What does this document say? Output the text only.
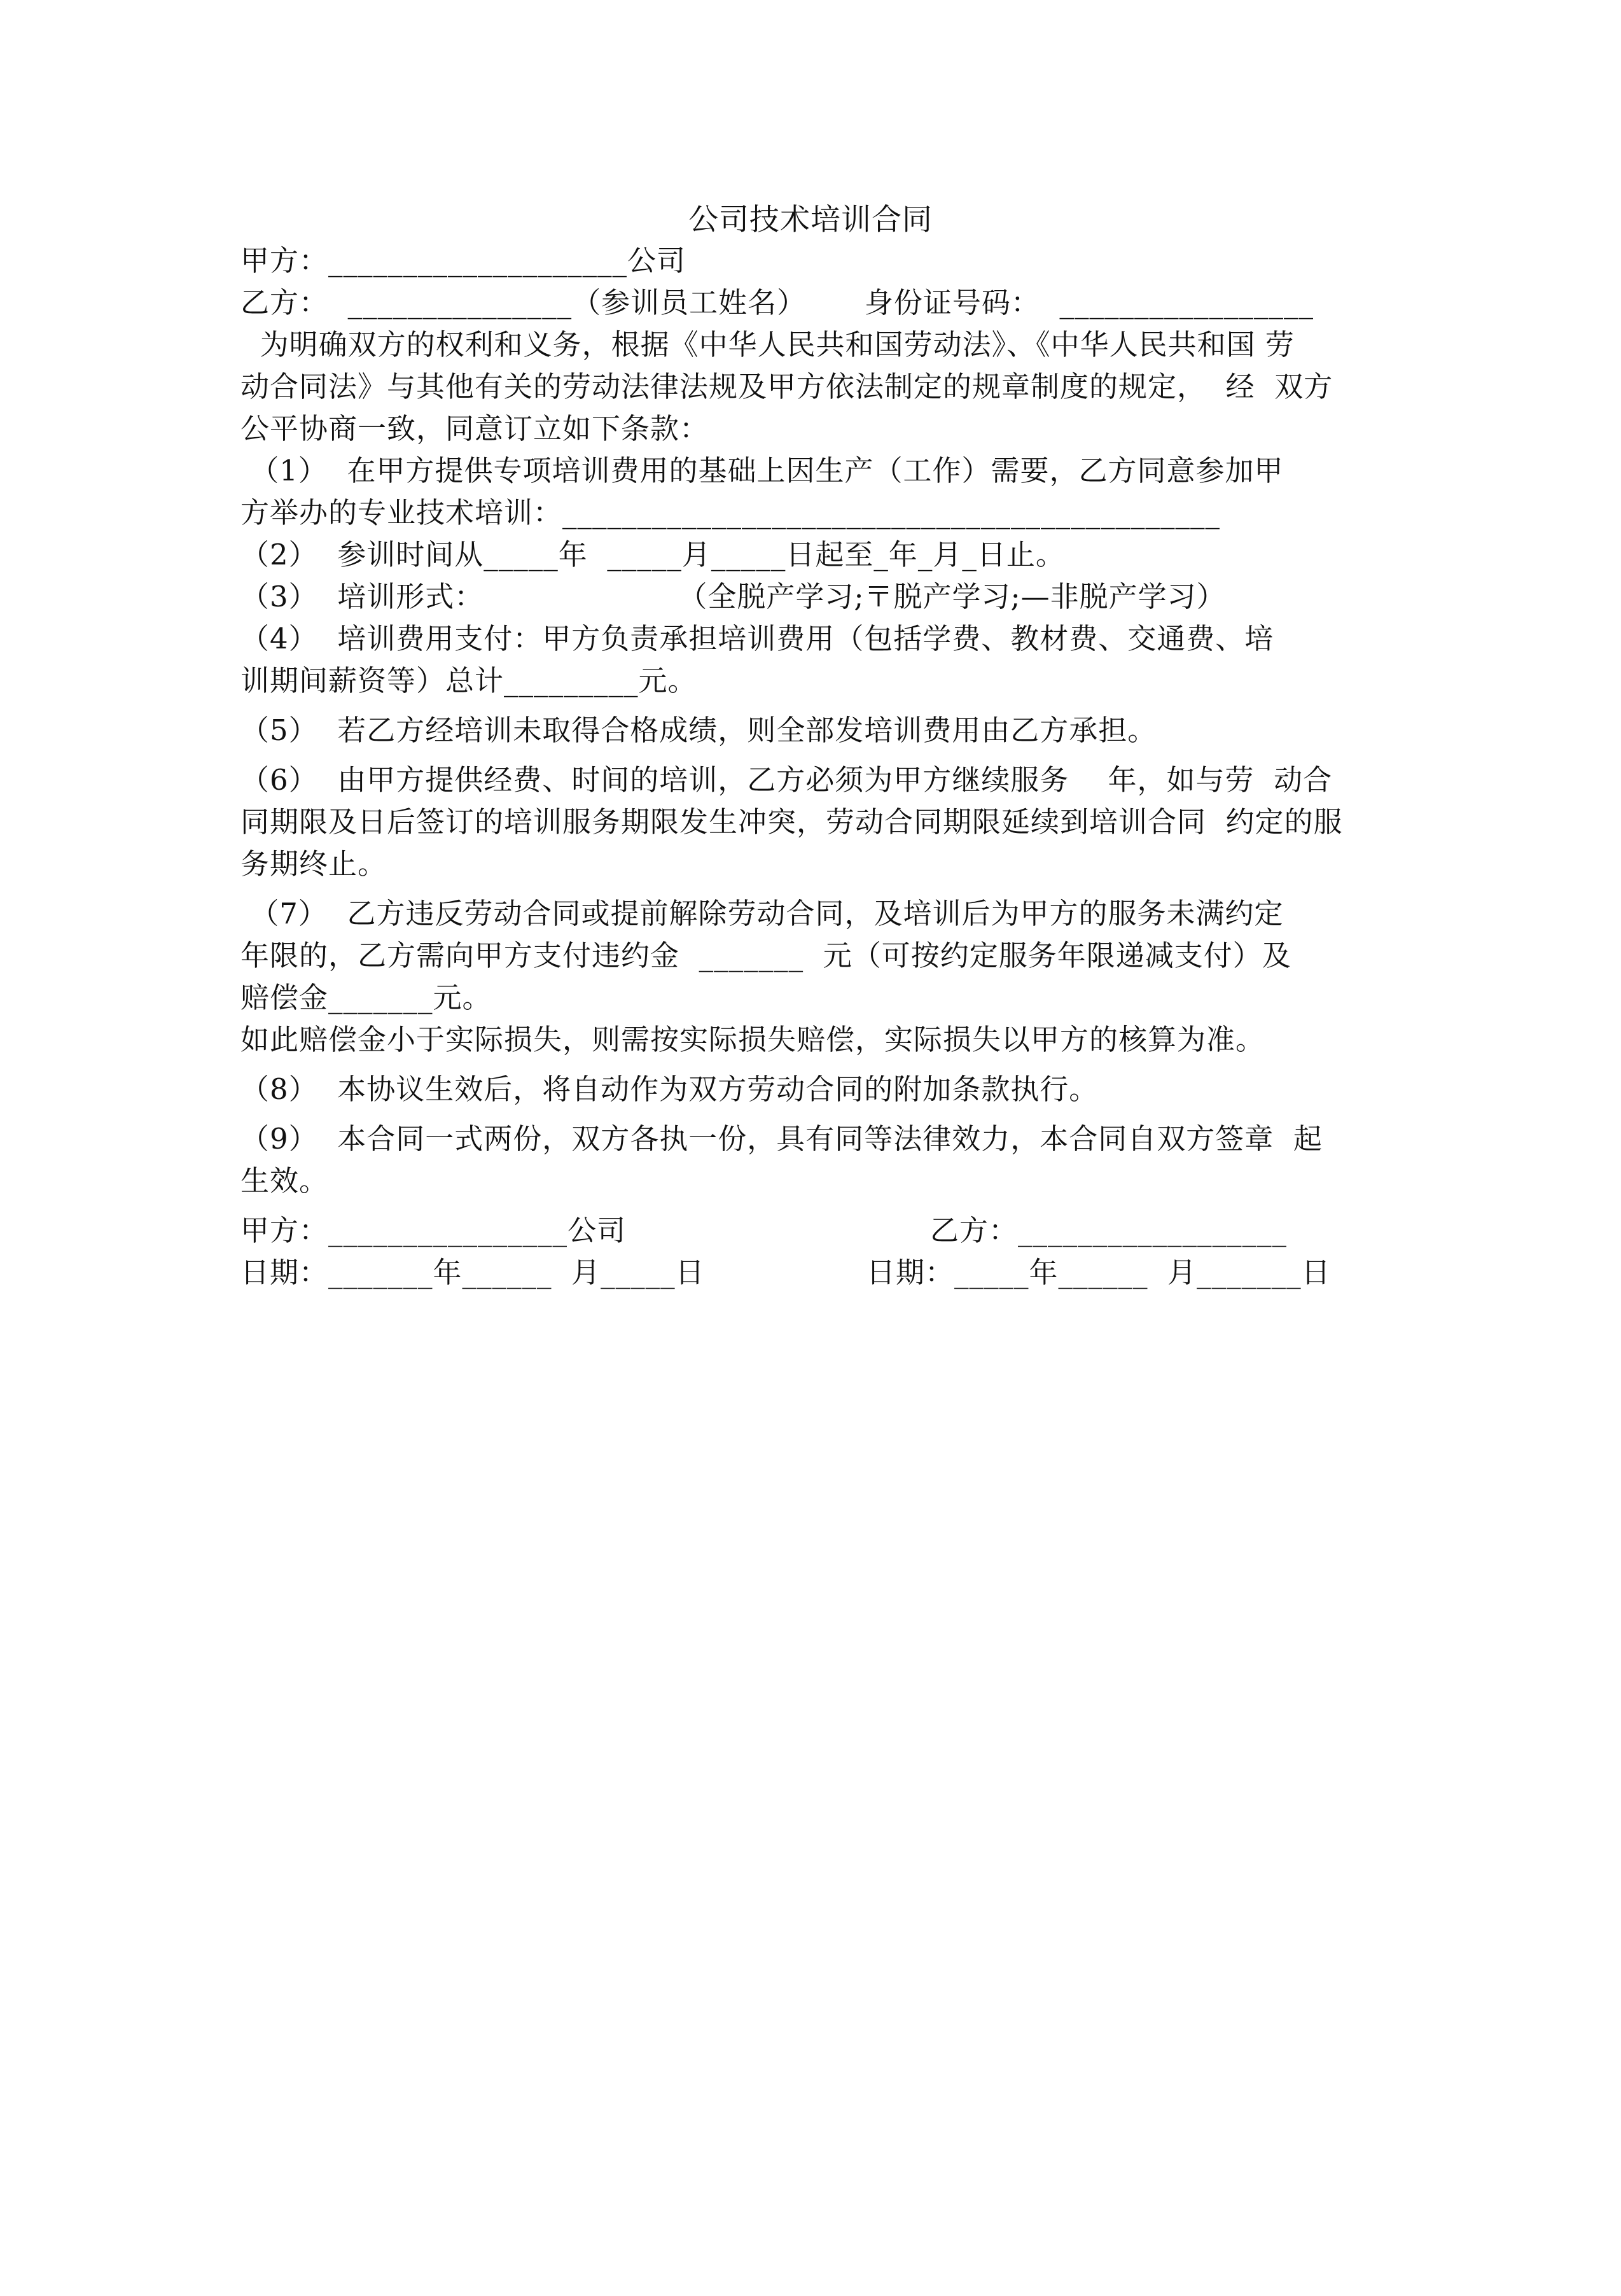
公司技术培训合同
甲方：____________________公司
乙方：  _______________（参训员工姓名）      身份证号码：  _________________
为明确双方的权利和义务，根据《中华人民共和国劳动法》、《中华人民共和国 劳
动合同法》与其他有关的劳动法律法规及甲方依法制定的规章制度的规定，  经  双方
公平协商一致，同意订立如下条款：
（1）  在甲方提供专项培训费用的基础上因生产（工作）需要，乙方同意参加甲
方举办的专业技术培训：____________________________________________
（2）  参训时间从_____年  _____月_____日起至_年_月_日止。
（3）  培训形式：                    （全脱产学习;〒脱产学习;—非脱产学习）
（4）  培训费用支付：甲方负责承担培训费用（包括学费、教材费、交通费、培
训期间薪资等）总计_________元。
（5）  若乙方经培训未取得合格成绩，则全部发培训费用由乙方承担。
（6）  由甲方提供经费、时间的培训，乙方必须为甲方继续服务    年，如与劳  动合
同期限及日后签订的培训服务期限发生冲突，劳动合同期限延续到培训合同  约定的服
务期终止。
（7）  乙方违反劳动合同或提前解除劳动合同，及培训后为甲方的服务未满约定
年限的，乙方需向甲方支付违约金  _______  元（可按约定服务年限递减支付）及
赔偿金_______元。
如此赔偿金小于实际损失，则需按实际损失赔偿，实际损失以甲方的核算为准。
（8）  本协议生效后，将自动作为双方劳动合同的附加条款执行。
（9）  本合同一式两份，双方各执一份，具有同等法律效力，本合同自双方签章  起
生效。
甲方：________________公司	乙方：__________________
日期：_______年______  月_____日	日期：_____年______  月_______日
